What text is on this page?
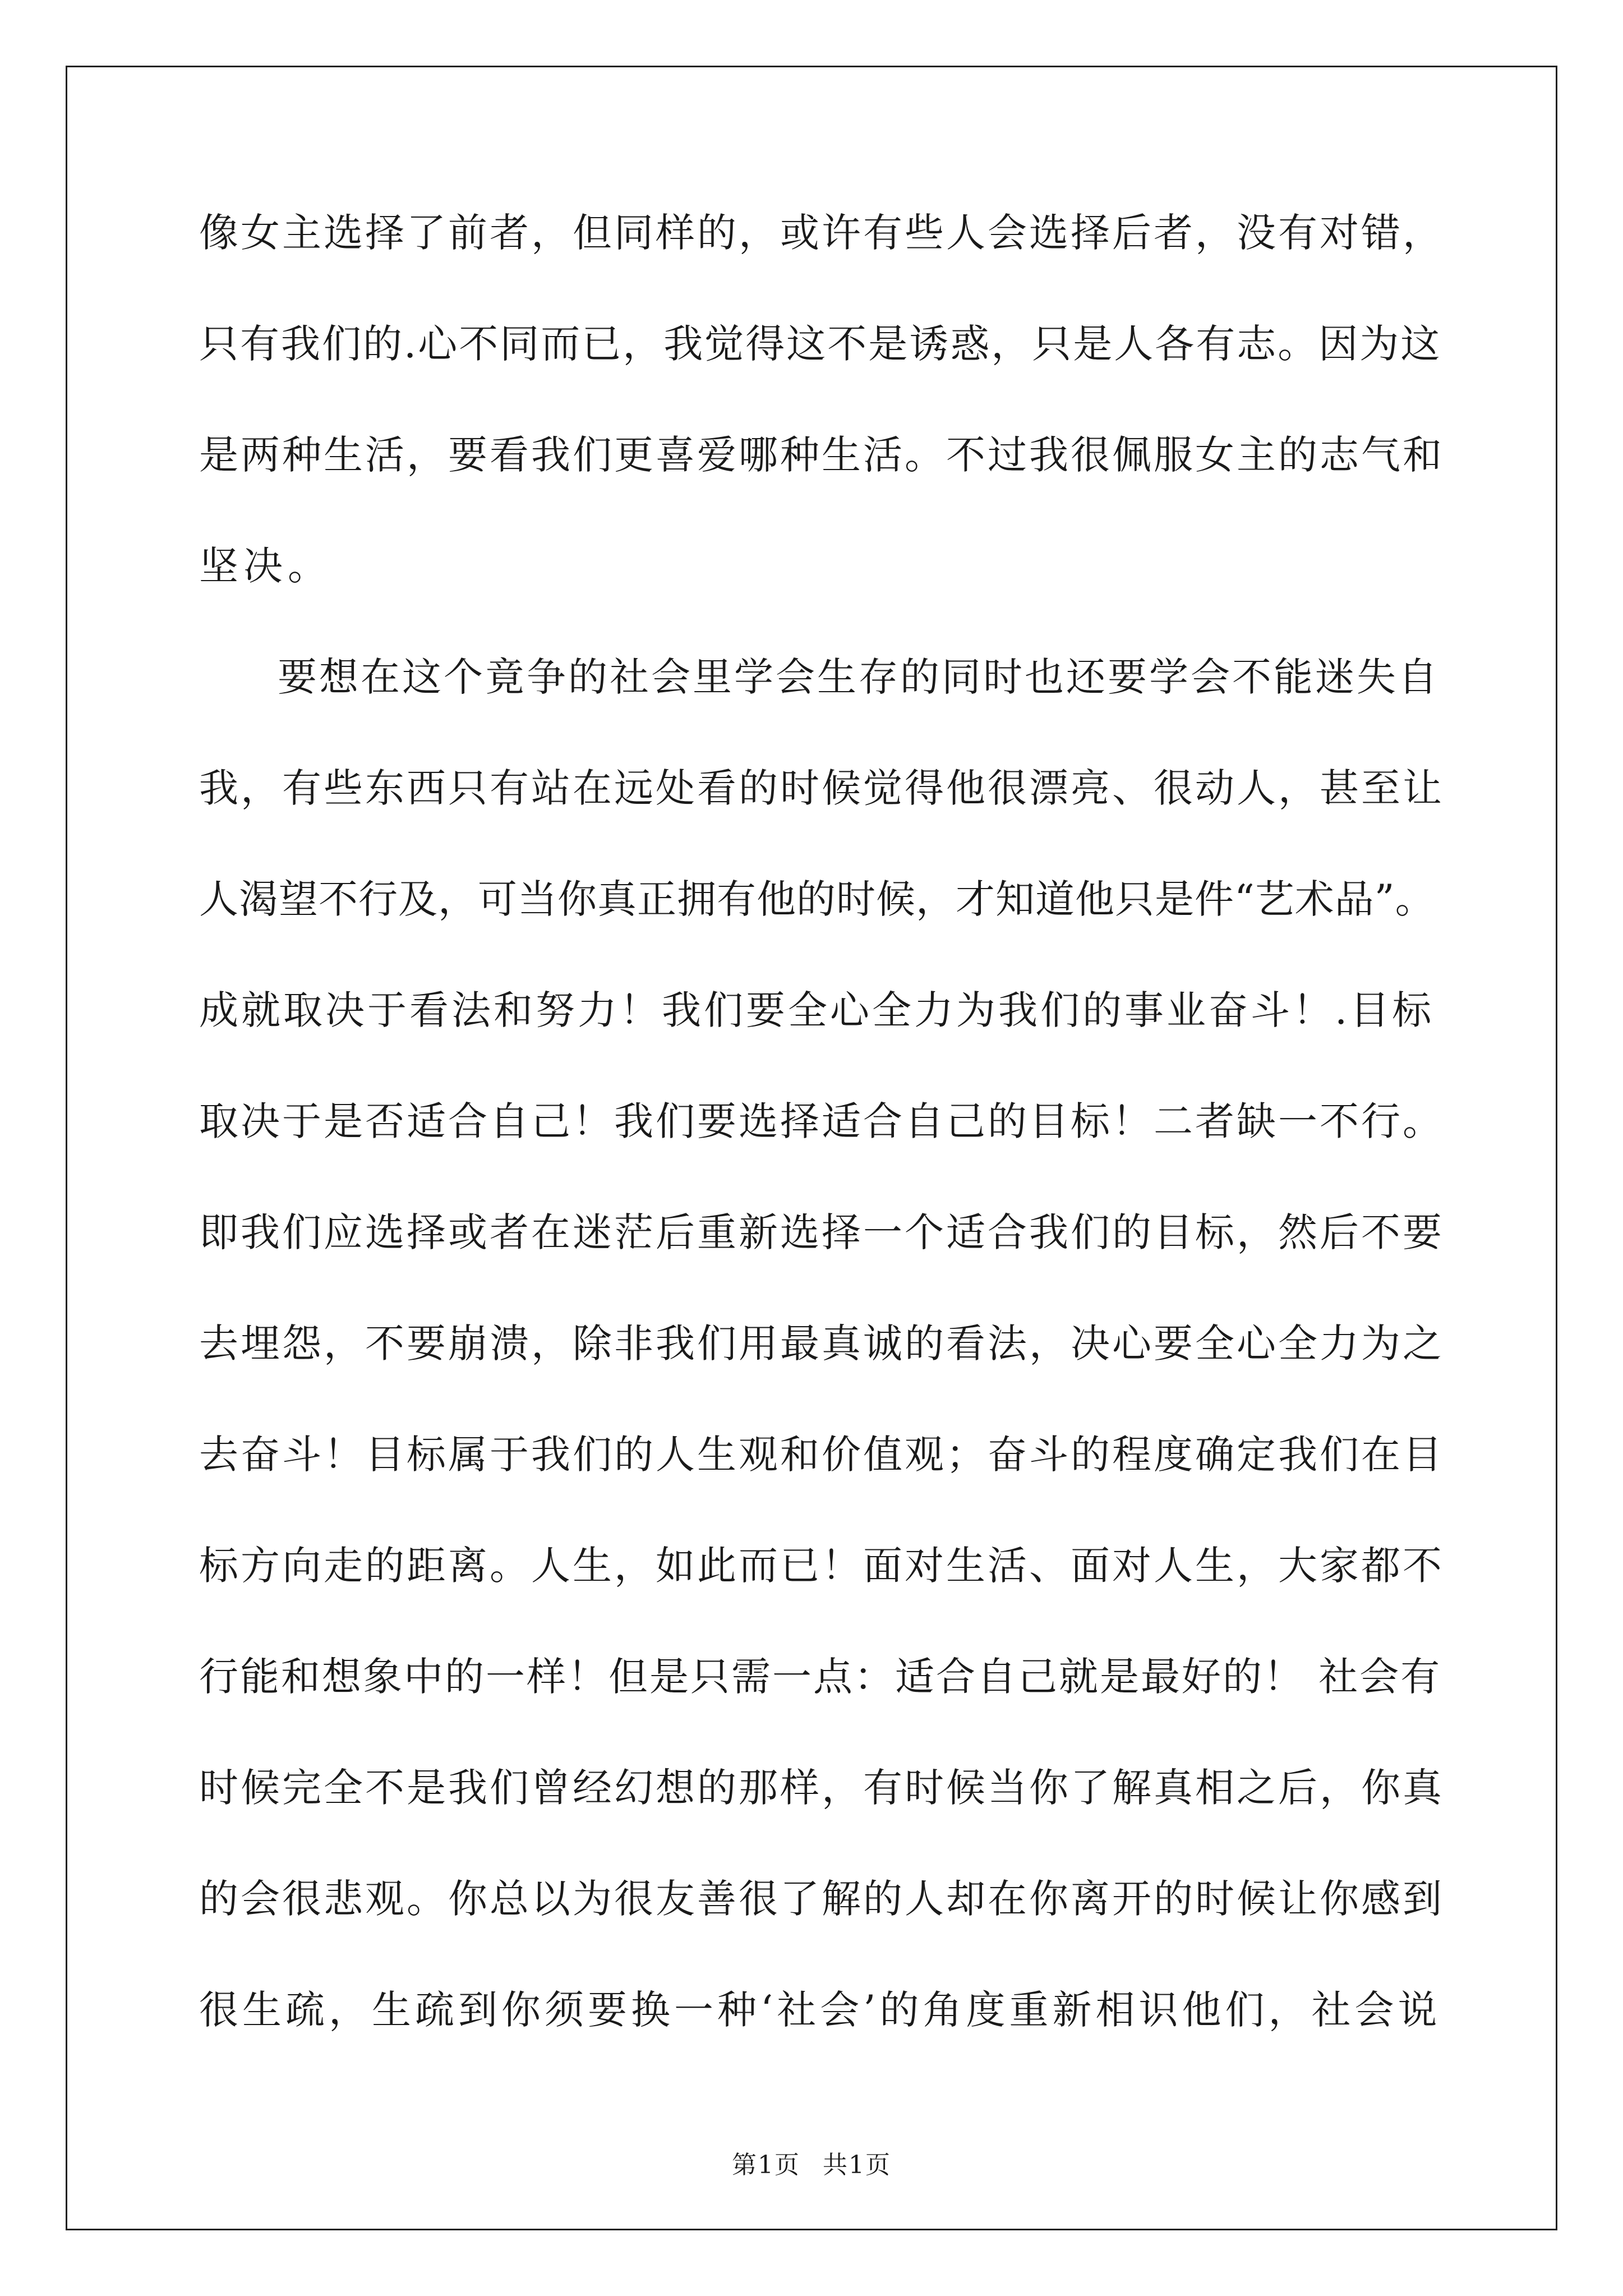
像女主选择了前者，但同样的，或许有些人会选择后者，没有对错，
只有我们的.心不同而已，我觉得这不是诱惑，只是人各有志。因为这
是两种生活，要看我们更喜爱哪种生活。不过我很佩服女主的志气和
坚决。
要想在这个竟争的社会里学会生存的同时也还要学会不能迷失自
我，有些东西只有站在远处看的时候觉得他很漂亮、很动人，甚至让
人渴望不行及，可当你真正拥有他的时候，才知道他只是件“艺术品”。
成就取决于看法和努力！我们要全心全力为我们的事业奋斗！.目标
取决于是否适合自己！我们要选择适合自己的目标！二者缺一不行。
即我们应选择或者在迷茫后重新选择一个适合我们的目标，然后不要
去埋怨，不要崩溃，除非我们用最真诚的看法，决心要全心全力为之
去奋斗！目标属于我们的人生观和价值观；奋斗的程度确定我们在目
标方向走的距离。人生，如此而已！面对生活、面对人生，大家都不
行能和想象中的一样！但是只需一点：适合自己就是最好的！ 社会有
时候完全不是我们曾经幻想的那样，有时候当你了解真相之后，你真
的会很悲观。你总以为很友善很了解的人却在你离开的时候让你感到
很生疏，生疏到你须要换一种‘社会’的角度重新相识他们，社会说
第1页 共1页
